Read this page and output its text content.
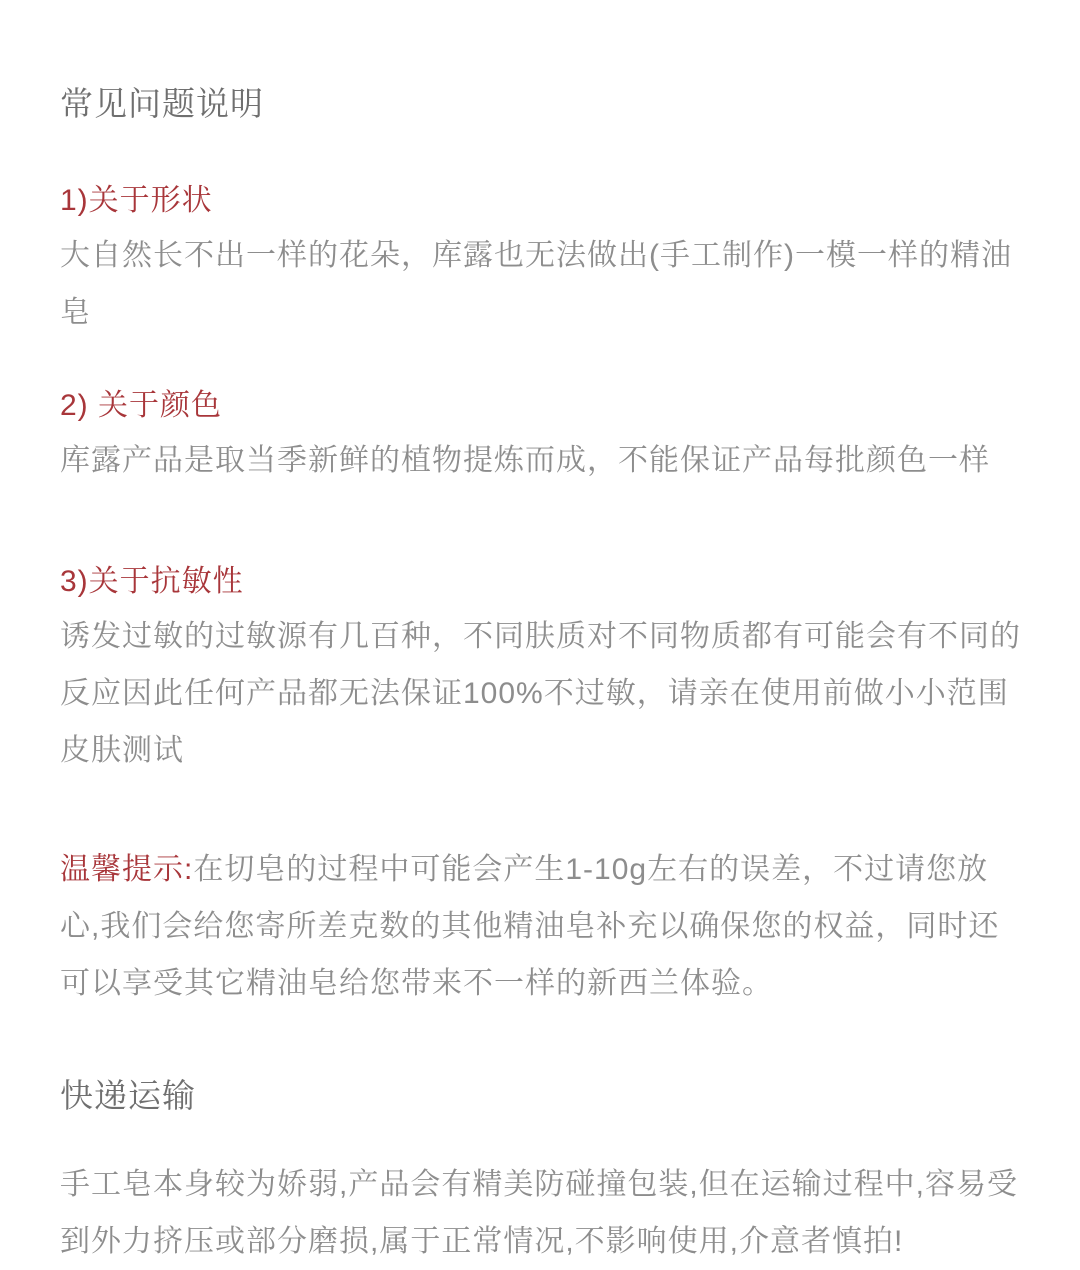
常见问题说明
1)关于形状

大自然长不出一样的花朵，库露也无法做出(手工制作)一模一样的精油皂

2) 关于颜色

库露产品是取当季新鲜的植物提炼而成，不能保证产品每批颜色一样

3)关于抗敏性

诱发过敏的过敏源有几百种，不同肤质对不同物质都有可能会有不同的反应因此任何产品都无法保证100%不过敏，请亲在使用前做小小范围皮肤测试

温馨提示:在切皂的过程中可能会产生1-10g左右的误差，不过请您放心,我们会给您寄所差克数的其他精油皂补充以确保您的权益，同时还可以享受其它精油皂给您带来不一样的新西兰体验。

快递运输

手工皂本身较为娇弱,产品会有精美防碰撞包装,但在运输过程中,容易受到外力挤压或部分磨损,属于正常情况,不影响使用,介意者慎拍!
